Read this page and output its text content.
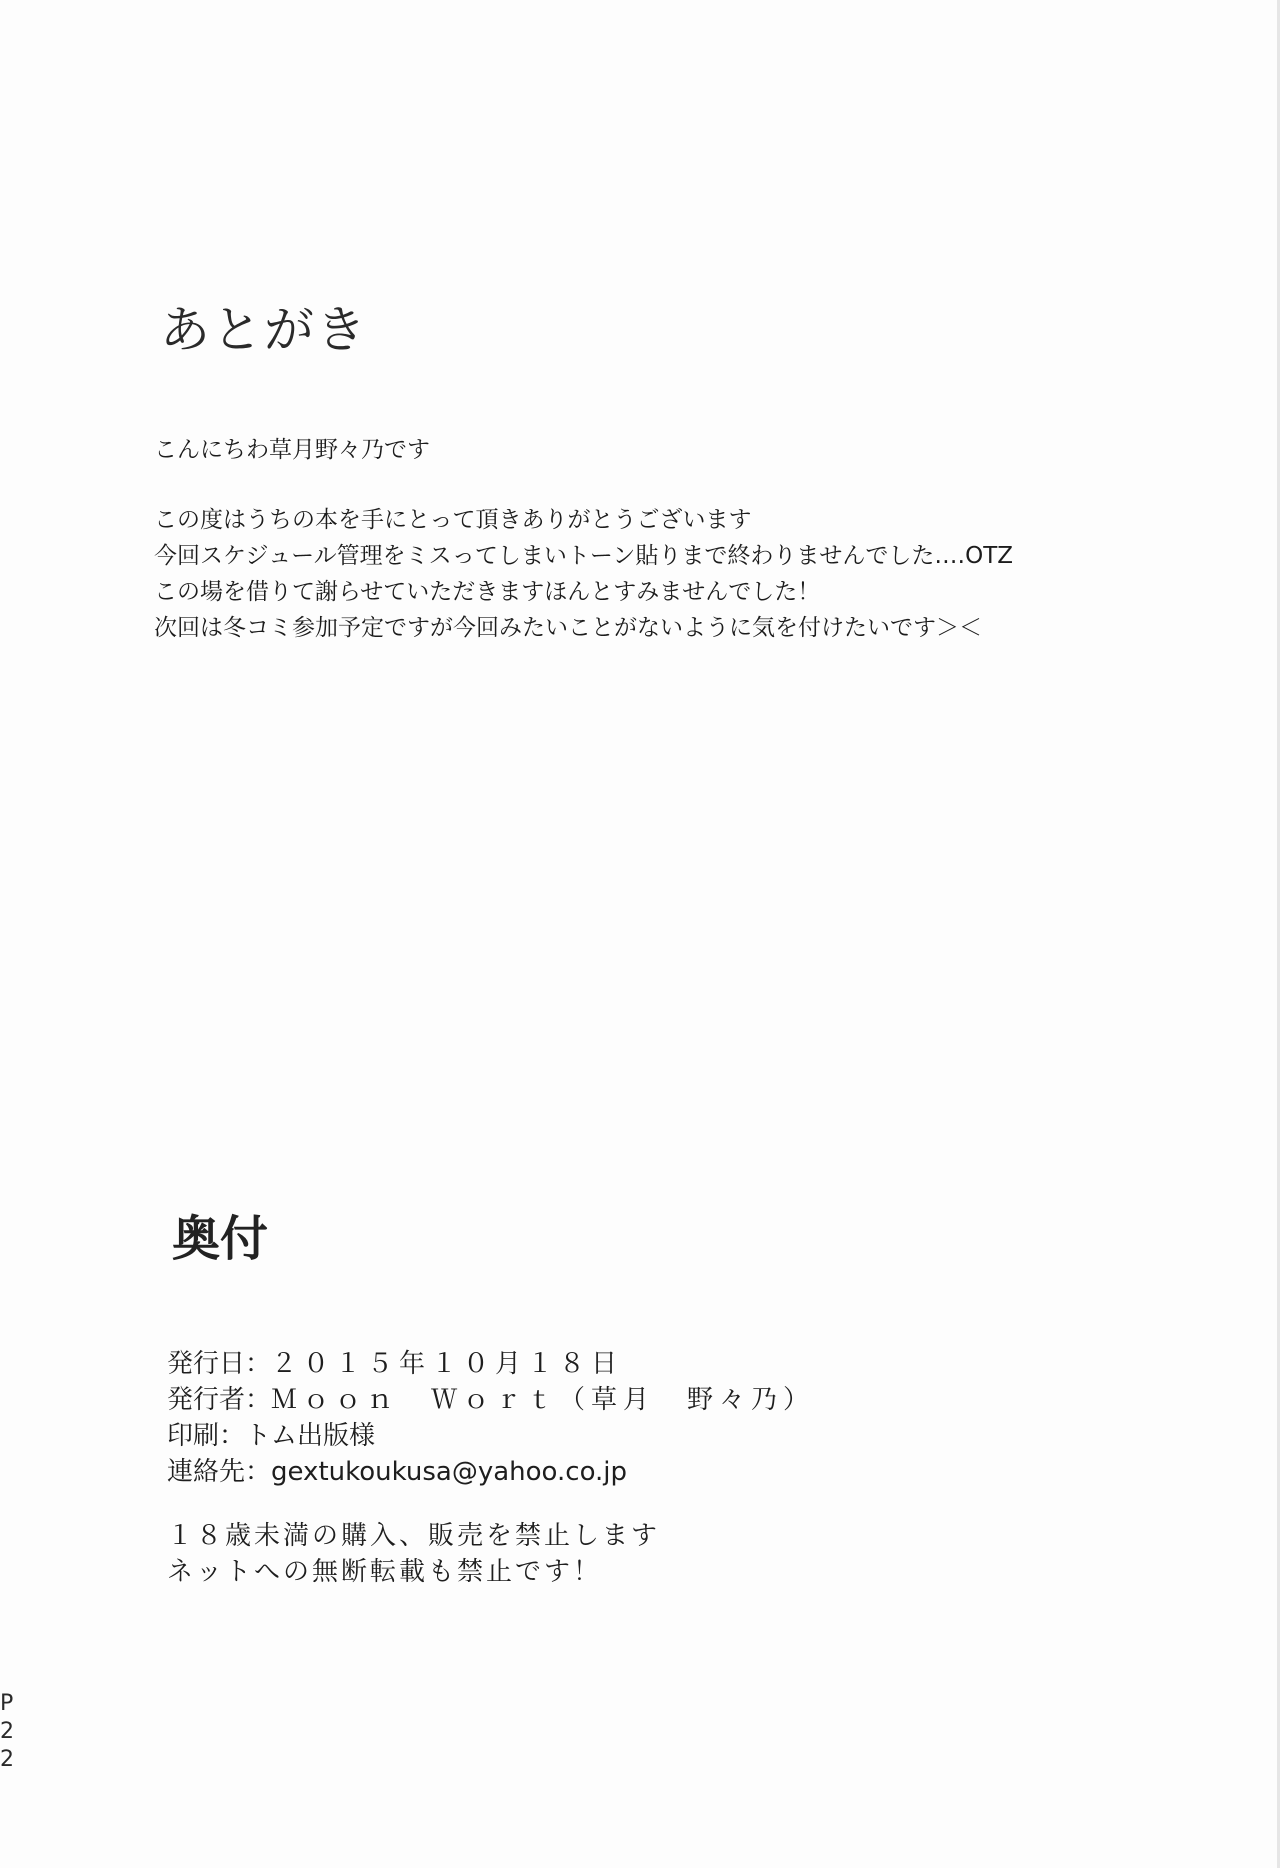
あとがき
こんにちわ草月野々乃です
この度はうちの本を手にとって頂きありがとうございます
今回スケジュール管理をミスってしまいトーン貼りまで終わりませんでした‥‥OTZ
この場を借りて謝らせていただきますほんとすみませんでした！
次回は冬コミ参加予定ですが今回みたいことがないように気を付けたいです＞＜
奥付
発行日：２０１５年１０月１８日
発行者：Ｍｏｏｎ　Ｗｏｒｔ（草月　野々乃）
印刷：トム出版様
連絡先：gextukoukusa@yahoo.co.jp
１８歳未満の購入、販売を禁止します
ネットへの無断転載も禁止です！
P
2
2
